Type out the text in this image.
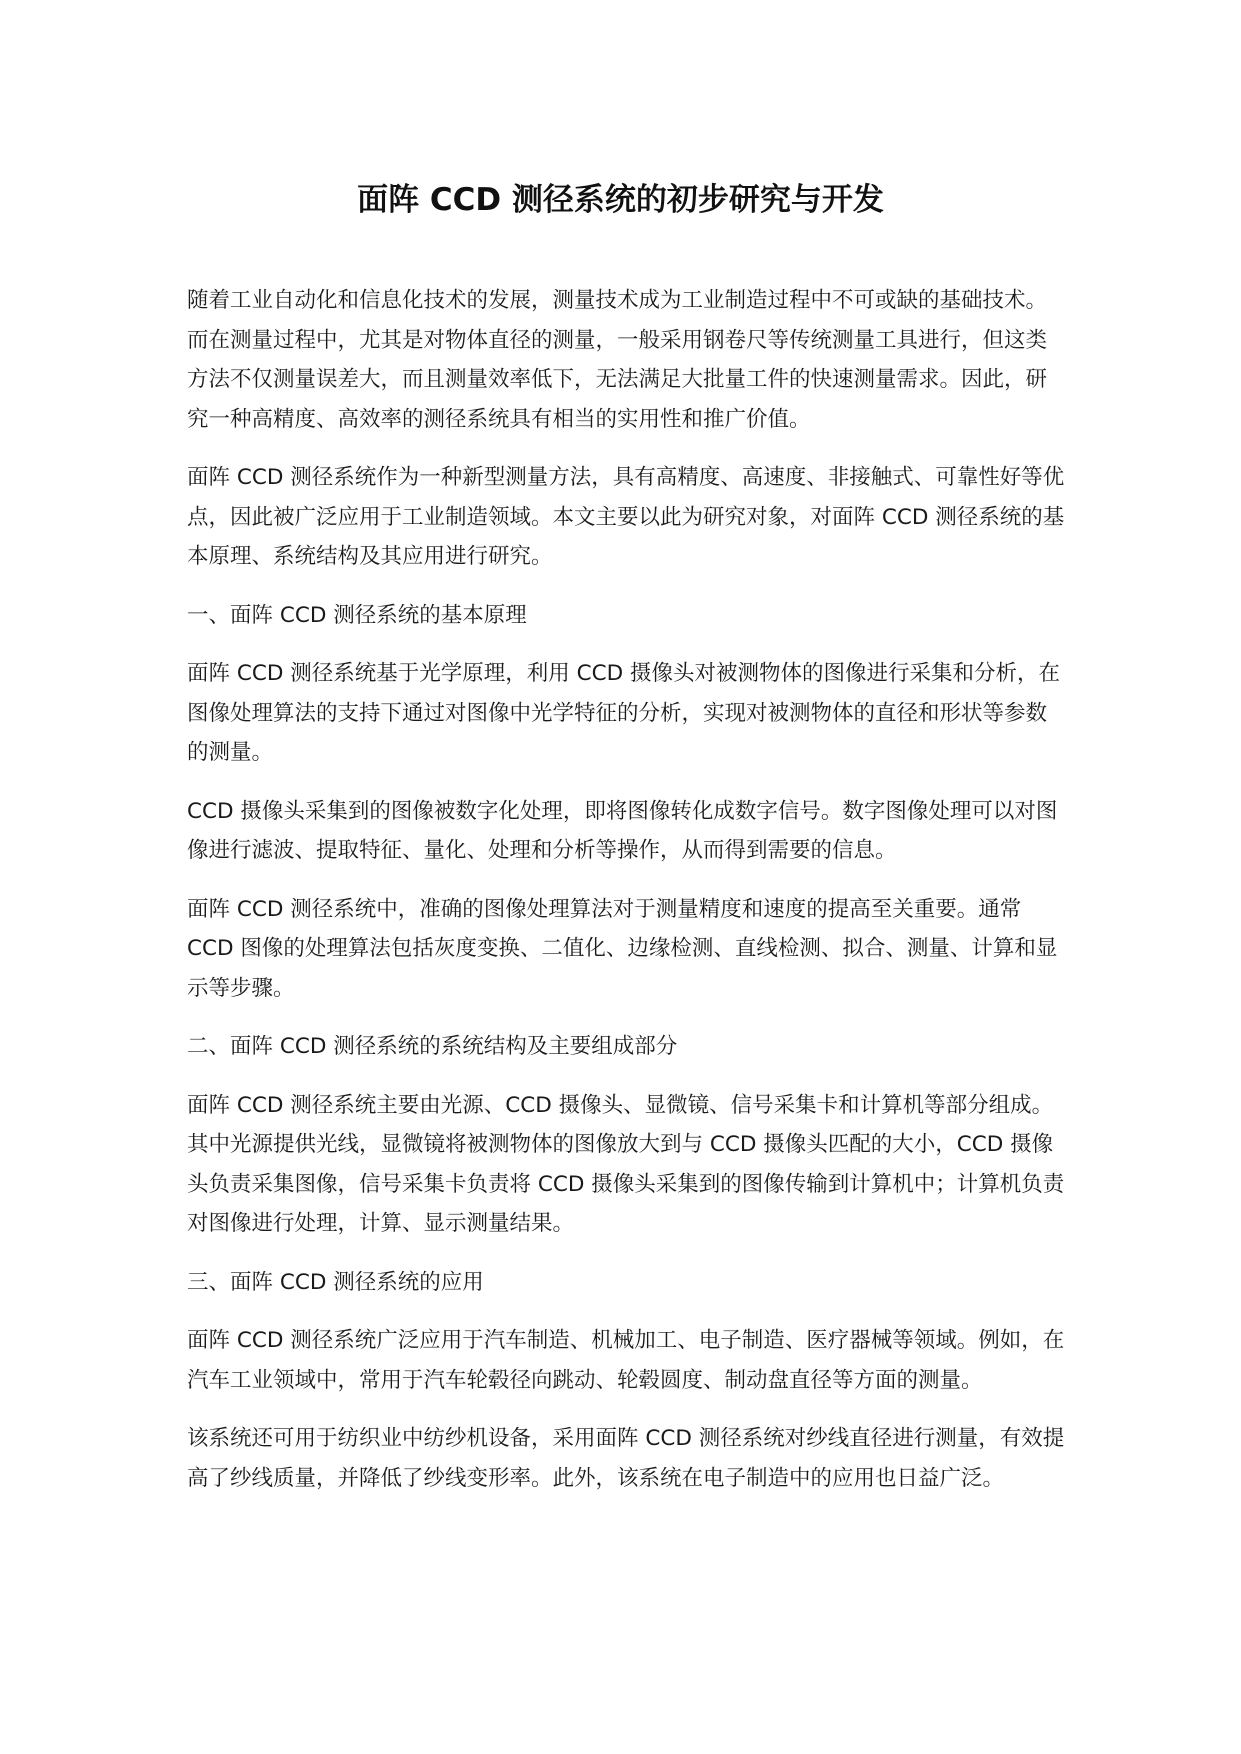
面阵 CCD 测径系统的初步研究与开发

随着工业自动化和信息化技术的发展，测量技术成为工业制造过程中不可或缺的基础技术。而在测量过程中，尤其是对物体直径的测量，一般采用钢卷尺等传统测量工具进行，但这类方法不仅测量误差大，而且测量效率低下，无法满足大批量工件的快速测量需求。因此，研究一种高精度、高效率的测径系统具有相当的实用性和推广价值。

面阵 CCD 测径系统作为一种新型测量方法，具有高精度、高速度、非接触式、可靠性好等优点，因此被广泛应用于工业制造领域。本文主要以此为研究对象，对面阵 CCD 测径系统的基本原理、系统结构及其应用进行研究。

一、面阵 CCD 测径系统的基本原理

面阵 CCD 测径系统基于光学原理，利用 CCD 摄像头对被测物体的图像进行采集和分析，在图像处理算法的支持下通过对图像中光学特征的分析，实现对被测物体的直径和形状等参数的测量。

CCD 摄像头采集到的图像被数字化处理，即将图像转化成数字信号。数字图像处理可以对图像进行滤波、提取特征、量化、处理和分析等操作，从而得到需要的信息。

面阵 CCD 测径系统中，准确的图像处理算法对于测量精度和速度的提高至关重要。通常 CCD 图像的处理算法包括灰度变换、二值化、边缘检测、直线检测、拟合、测量、计算和显示等步骤。

二、面阵 CCD 测径系统的系统结构及主要组成部分

面阵 CCD 测径系统主要由光源、CCD 摄像头、显微镜、信号采集卡和计算机等部分组成。其中光源提供光线，显微镜将被测物体的图像放大到与 CCD 摄像头匹配的大小，CCD 摄像头负责采集图像，信号采集卡负责将 CCD 摄像头采集到的图像传输到计算机中；计算机负责对图像进行处理，计算、显示测量结果。

三、面阵 CCD 测径系统的应用

面阵 CCD 测径系统广泛应用于汽车制造、机械加工、电子制造、医疗器械等领域。例如，在汽车工业领域中，常用于汽车轮毂径向跳动、轮毂圆度、制动盘直径等方面的测量。

该系统还可用于纺织业中纺纱机设备，采用面阵 CCD 测径系统对纱线直径进行测量，有效提高了纱线质量，并降低了纱线变形率。此外，该系统在电子制造中的应用也日益广泛。
